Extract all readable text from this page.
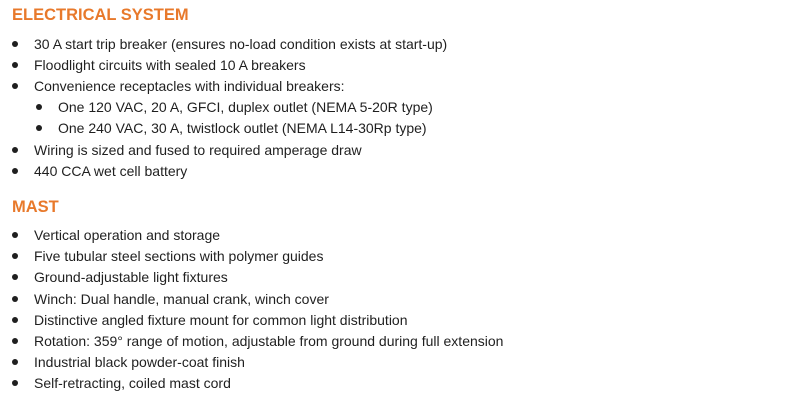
ELECTRICAL SYSTEM
30 A start trip breaker (ensures no-load condition exists at start-up)
Floodlight circuits with sealed 10 A breakers
Convenience receptacles with individual breakers:
One 120 VAC, 20 A, GFCI, duplex outlet (NEMA 5-20R type)
One 240 VAC, 30 A, twistlock outlet (NEMA L14-30Rp type)
Wiring is sized and fused to required amperage draw
440 CCA wet cell battery
MAST
Vertical operation and storage
Five tubular steel sections with polymer guides
Ground-adjustable light fixtures
Winch: Dual handle, manual crank, winch cover
Distinctive angled fixture mount for common light distribution
Rotation: 359° range of motion, adjustable from ground during full extension
Industrial black powder-coat finish
Self-retracting, coiled mast cord
